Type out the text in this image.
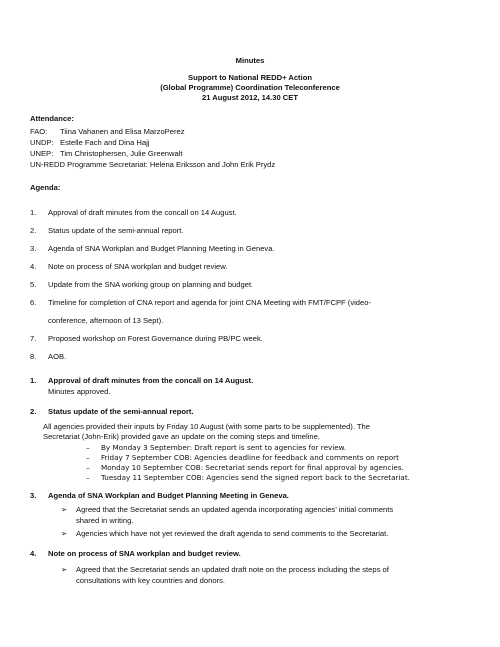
Minutes
Support to National REDD+ Action
(Global Programme) Coordination Teleconference
21 August 2012, 14.30 CET
Attendance:
FAO: Tiina Vahanen and Elisa MarzoPerez
UNDP: Estelle Fach and Dina Hajj
UNEP: Tim Christophersen, Julie Greenwalt
UN-REDD Programme Secretariat: Helena Eriksson and John Erik Prydz
Agenda:
1. Approval of draft minutes from the concall on 14 August.
2. Status update of the semi-annual report.
3. Agenda of SNA Workplan and Budget Planning Meeting in Geneva.
4. Note on process of SNA workplan and budget review.
5. Update from the SNA working group on planning and budget.
6. Timeline for completion of CNA report and agenda for joint CNA Meeting with FMT/FCPF (video-
conference, afternoon of 13 Sept).
7. Proposed workshop on Forest Governance during PB/PC week.
8. AOB.
1. Approval of draft minutes from the concall on 14 August.
Minutes approved.
2. Status update of the semi-annual report.
All agencies provided their inputs by Friday 10 August (with some parts to be supplemented). The
Secretariat (John-Erik) provided gave an update on the coming steps and timeline.
– By Monday 3 September: Draft report is sent to agencies for review.
– Friday 7 September COB: Agencies deadline for feedback and comments on report
– Monday 10 September COB: Secretariat sends report for final approval by agencies.
– Tuesday 11 September COB: Agencies send the signed report back to the Secretariat.
3. Agenda of SNA Workplan and Budget Planning Meeting in Geneva.
➢ Agreed that the Secretariat sends an updated agenda incorporating agencies’ initial comments
shared in writing.
➢ Agencies which have not yet reviewed the draft agenda to send comments to the Secretariat.
4. Note on process of SNA workplan and budget review.
➢ Agreed that the Secretariat sends an updated draft note on the process including the steps of
consultations with key countries and donors.
